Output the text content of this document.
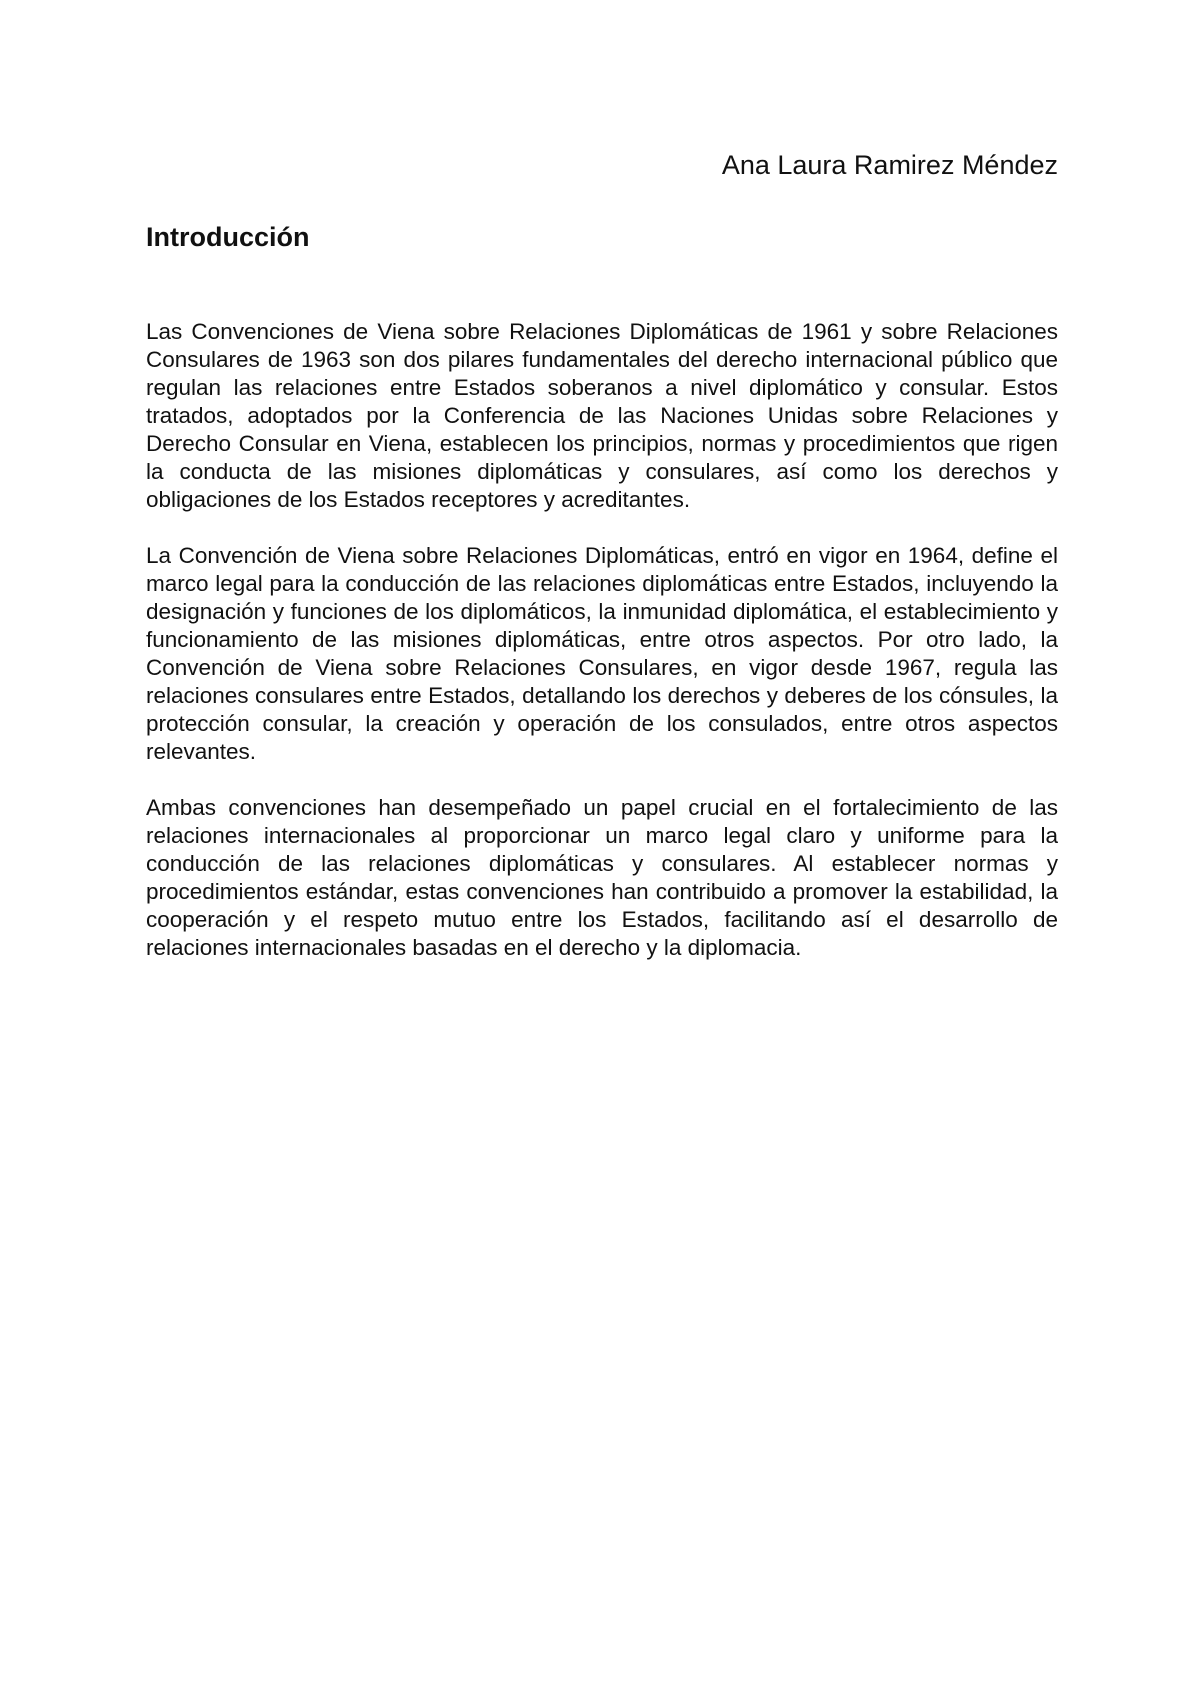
Ana Laura Ramirez Méndez
Introducción

Las Convenciones de Viena sobre Relaciones Diplomáticas de 1961 y sobre Relaciones Consulares de 1963 son dos pilares fundamentales del derecho internacional público que regulan las relaciones entre Estados soberanos a nivel diplomático y consular. Estos tratados, adoptados por la Conferencia de las Naciones Unidas sobre Relaciones y Derecho Consular en Viena, establecen los principios, normas y procedimientos que rigen la conducta de las misiones diplomáticas y consulares, así como los derechos y obligaciones de los Estados receptores y acreditantes.

La Convención de Viena sobre Relaciones Diplomáticas, entró en vigor en 1964, define el marco legal para la conducción de las relaciones diplomáticas entre Estados, incluyendo la designación y funciones de los diplomáticos, la inmunidad diplomática, el establecimiento y funcionamiento de las misiones diplomáticas, entre otros aspectos. Por otro lado, la Convención de Viena sobre Relaciones Consulares, en vigor desde 1967, regula las relaciones consulares entre Estados, detallando los derechos y deberes de los cónsules, la protección consular, la creación y operación de los consulados, entre otros aspectos relevantes.

Ambas convenciones han desempeñado un papel crucial en el fortalecimiento de las relaciones internacionales al proporcionar un marco legal claro y uniforme para la conducción de las relaciones diplomáticas y consulares. Al establecer normas y procedimientos estándar, estas convenciones han contribuido a promover la estabilidad, la cooperación y el respeto mutuo entre los Estados, facilitando así el desarrollo de relaciones internacionales basadas en el derecho y la diplomacia.
